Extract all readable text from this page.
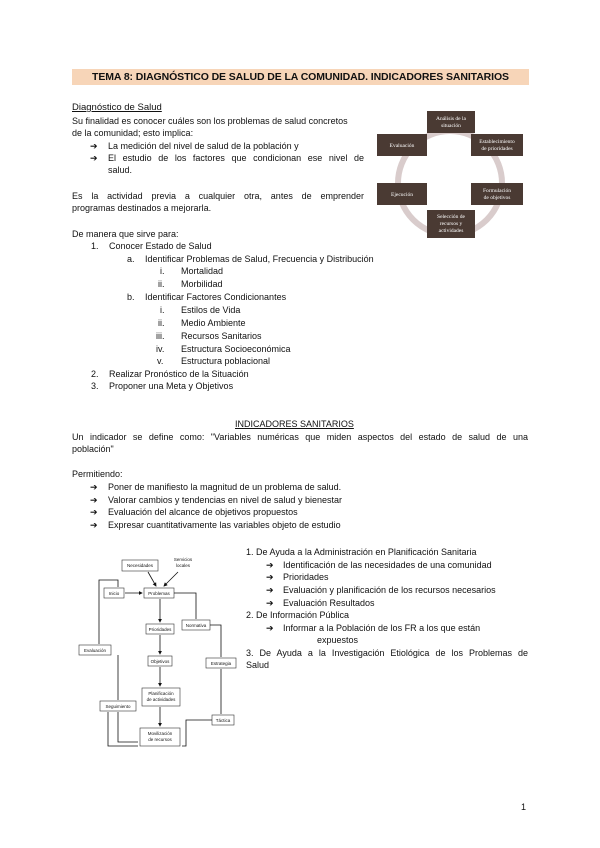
TEMA 8: DIAGNÓSTICO DE SALUD DE LA COMUNIDAD. INDICADORES SANITARIOS
Diagnóstico de Salud
Su finalidad es conocer cuáles son los problemas de salud concretos
de la comunidad; esto implica:
➔ La medición del nivel de salud de la población y
➔ El estudio de los factores que condicionan ese nivel de
salud.
Es la actividad previa a cualquier otra, antes de emprender
programas destinados a mejorarla.
De manera que sirve para:
1. Conocer Estado de Salud
a. Identificar Problemas de Salud, Frecuencia y Distribución
i. Mortalidad
ii. Morbilidad
b. Identificar Factores Condicionantes
i. Estilos de Vida
ii. Medio Ambiente
iii. Recursos Sanitarios
iv. Estructura Socioeconómica
v. Estructura poblacional
2. Realizar Pronóstico de la Situación
3. Proponer una Meta y Objetivos
Análisis de la situación
Establecimiento de prioridades
Formulación de objetivos
Selección de recursos y actividades
Ejecución
Evaluación
INDICADORES SANITARIOS
Un indicador se define como: "Variables numéricas que miden aspectos del estado de salud de una
población"
Permitiendo:
➔ Poner de manifiesto la magnitud de un problema de salud.
➔ Valorar cambios y tendencias en nivel de salud y bienestar
➔ Evaluación del alcance de objetivos propuestos
➔ Expresar cuantitativamente las variables objeto de estudio
Necesidades
Servicios locales
Inicio	Problemas
Prioridades
Normativa
Objetivos
Evaluación
Estrategia
Planificación de actividades
Seguimiento
Táctica
Movilización de recursos
1. De Ayuda a la Administración en Planificación Sanitaria
➔ Identificación de las necesidades de una comunidad
➔ Prioridades
➔ Evaluación y planificación de los recursos necesarios
➔ Evaluación Resultados
2. De Información Pública
➔ Informar a la Población de los FR a los que están
expuestos
3. De Ayuda a la Investigación Etiológica de los Problemas de
Salud
1
